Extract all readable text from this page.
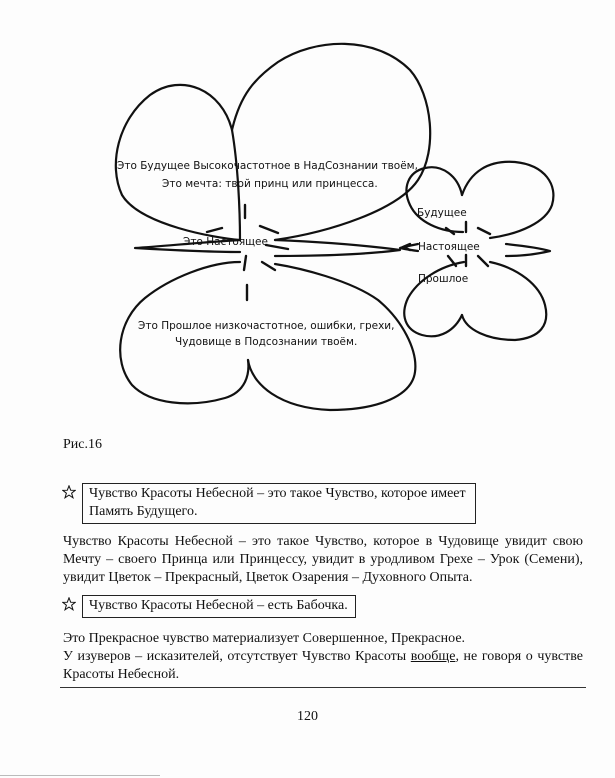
Это Будущее Высокочастотное в НадСознании твоём,
Это мечта: твой принц или принцесса.
Это Настоящее
Это Прошлое низкочастотное, ошибки, грехи,
Чудовище в Подсознании твоём.
Будущее
Настоящее
Прошлое
Рис.16
Чувство Красоты Небесной – это такое Чувство, которое имеет
Память Будущего.

Чувство Красоты Небесной – это такое Чувство, которое в Чудовище увидит свою Мечту – своего Принца или Принцессу, увидит в уродливом Грехе – Урок (Семени), увидит Цветок – Прекрасный, Цветок Озарения – Духовного Опыта.

Чувство Красоты Небесной – есть Бабочка.

Это Прекрасное чувство материализует Совершенное, Прекрасное.

У изуверов – исказителей, отсутствует Чувство Красоты вообще, не говоря о чувстве Красоты Небесной.

120
